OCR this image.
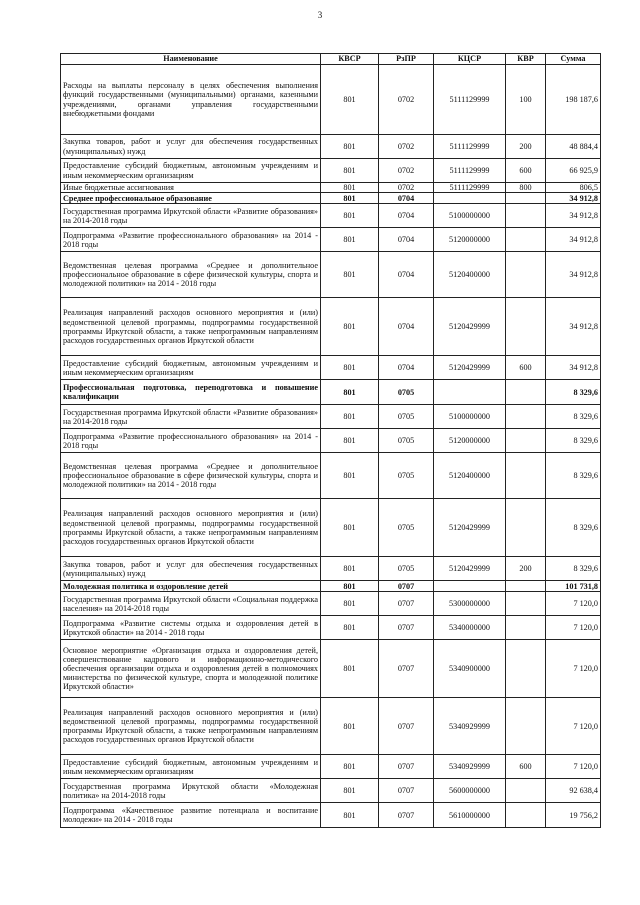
3
Наименование	КВСР	РзПР	КЦСР	КВР	Сумма
Расходы на выплаты персоналу в целях обеспечения выполнения функций государственными (муниципальными) органами, казенными учреждениями, органами управления государственными внебюджетными фондами	801	0702	5111129999	100	198 187,6
Закупка товаров, работ и услуг для обеспечения государственных (муниципальных) нужд	801	0702	5111129999	200	48 884,4
Предоставление субсидий бюджетным, автономным учреждениям и иным некоммерческим организациям	801	0702	5111129999	600	66 925,9
Иные бюджетные ассигнования	801	0702	5111129999	800	806,5
Среднее профессиональное образование	801	0704			34 912,8
Государственная программа Иркутской области «Развитие образования» на 2014-2018 годы	801	0704	5100000000		34 912,8
Подпрограмма «Развитие профессионального образования» на 2014 - 2018 годы	801	0704	5120000000		34 912,8
Ведомственная целевая программа «Среднее и дополнительное профессиональное образование в сфере физической культуры, спорта и молодежной политики» на 2014 - 2018 годы	801	0704	5120400000		34 912,8
Реализация направлений расходов основного мероприятия и (или) ведомственной целевой программы, подпрограммы государственной программы Иркутской области, а также непрограммным направлениям расходов государственных органов Иркутской области	801	0704	5120429999		34 912,8
Предоставление субсидий бюджетным, автономным учреждениям и иным некоммерческим организациям	801	0704	5120429999	600	34 912,8
Профессиональная подготовка, переподготовка и повышение квалификации	801	0705			8 329,6
Государственная программа Иркутской области «Развитие образования» на 2014-2018 годы	801	0705	5100000000		8 329,6
Подпрограмма «Развитие профессионального образования» на 2014 - 2018 годы	801	0705	5120000000		8 329,6
Ведомственная целевая программа «Среднее и дополнительное профессиональное образование в сфере физической культуры, спорта и молодежной политики» на 2014 - 2018 годы	801	0705	5120400000		8 329,6
Реализация направлений расходов основного мероприятия и (или) ведомственной целевой программы, подпрограммы государственной программы Иркутской области, а также непрограммным направлениям расходов государственных органов Иркутской области	801	0705	5120429999		8 329,6
Закупка товаров, работ и услуг для обеспечения государственных (муниципальных) нужд	801	0705	5120429999	200	8 329,6
Молодежная политика и оздоровление детей	801	0707			101 731,8
Государственная программа Иркутской области «Социальная поддержка населения» на 2014-2018 годы	801	0707	5300000000		7 120,0
Подпрограмма «Развитие системы отдыха и оздоровления детей в Иркутской области» на 2014 - 2018 годы	801	0707	5340000000		7 120,0
Основное мероприятие «Организация отдыха и оздоровления детей, совершенствование кадрового и информационно-методического обеспечения организации отдыха и оздоровления детей в полномочиях министерства по физической культуре, спорта и молодежной политике Иркутской области»	801	0707	5340900000		7 120,0
Реализация направлений расходов основного мероприятия и (или) ведомственной целевой программы, подпрограммы государственной программы Иркутской области, а также непрограммным направлениям расходов государственных органов Иркутской области	801	0707	5340929999		7 120,0
Предоставление субсидий бюджетным, автономным учреждениям и иным некоммерческим организациям	801	0707	5340929999	600	7 120,0
Государственная программа Иркутской области «Молодежная политика» на 2014-2018 годы	801	0707	5600000000		92 638,4
Подпрограмма «Качественное развитие потенциала и воспитание молодежи» на 2014 - 2018 годы	801	0707	5610000000		19 756,2
